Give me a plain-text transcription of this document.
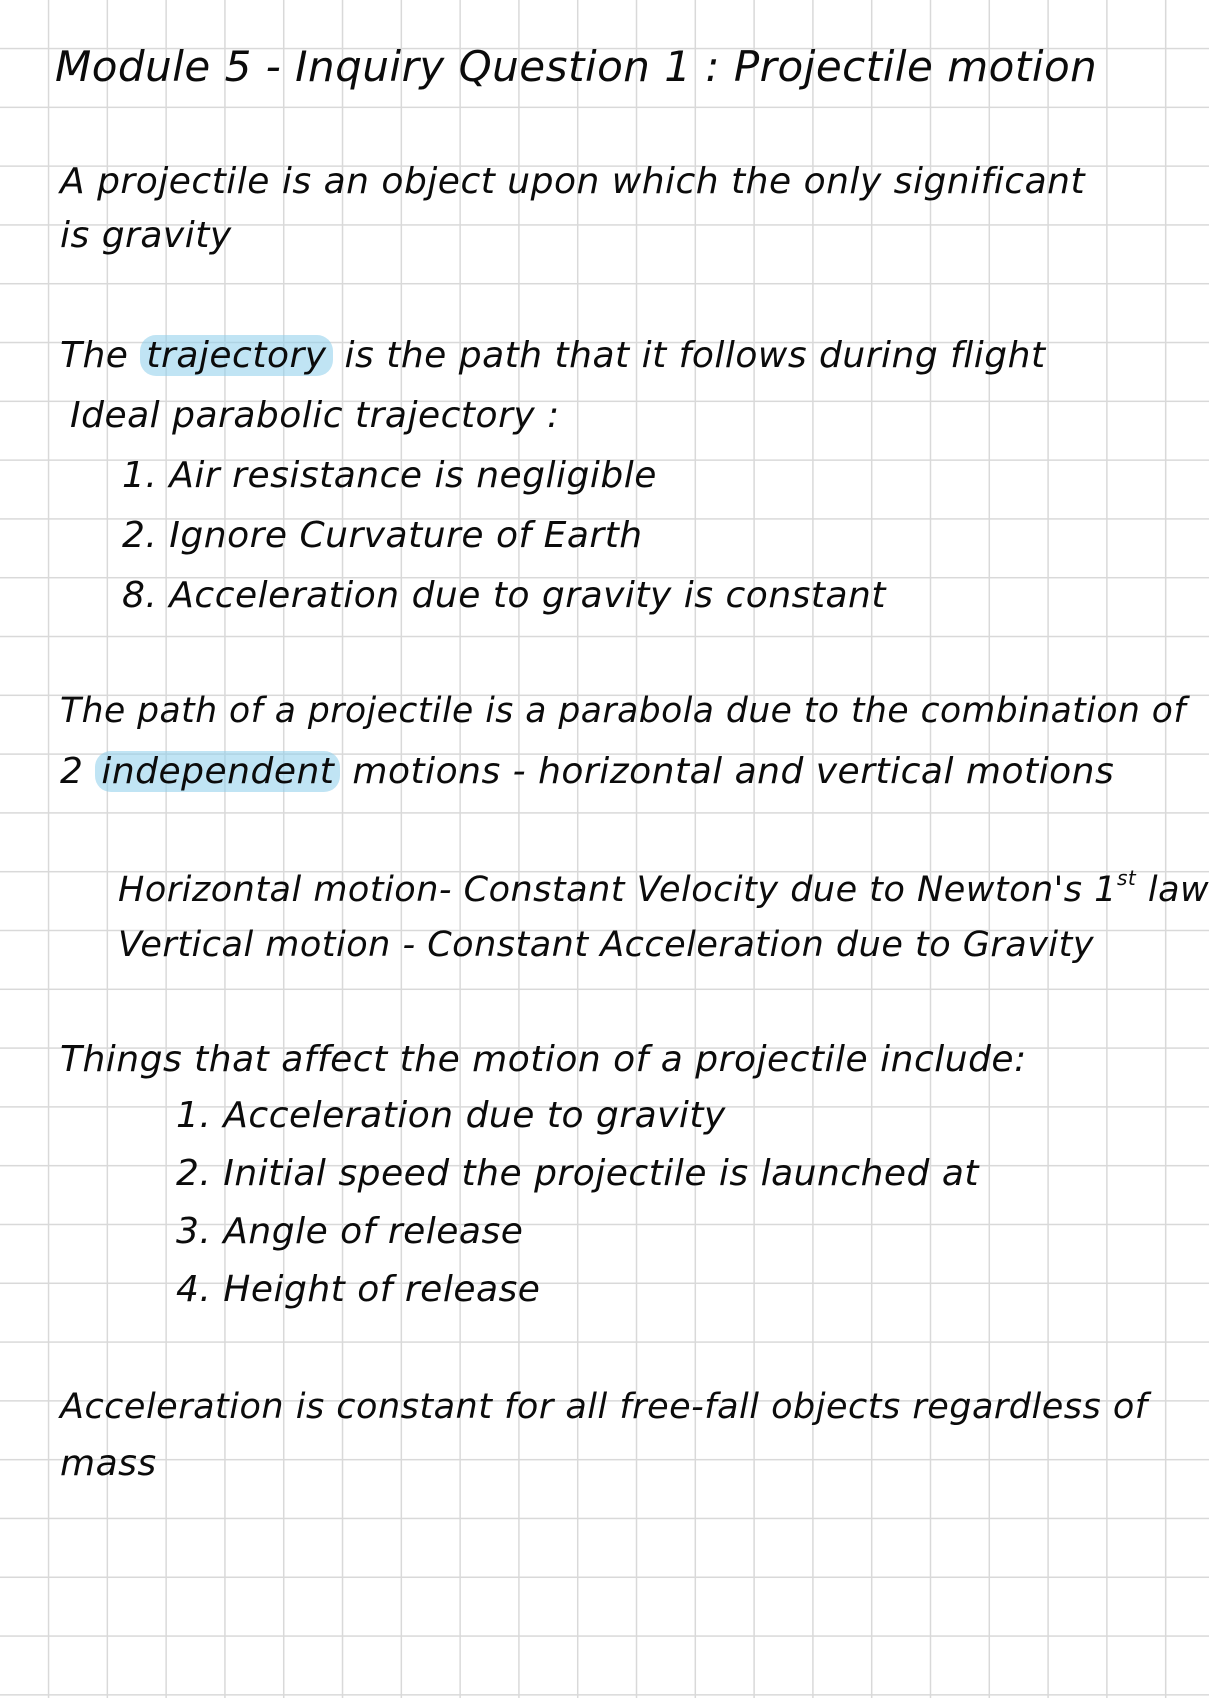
Module 5 - Inquiry Question 1 : Projectile motion
A projectile is an object upon which the only significant
is gravity
The trajectory is the path that it follows during flight
Ideal parabolic trajectory :
1. Air resistance is negligible
2. Ignore Curvature of Earth
8. Acceleration due to gravity is constant
The path of a projectile is a parabola due to the combination of
2 independent motions - horizontal and vertical motions
Horizontal motion- Constant Velocity due to Newton's 1st law
Vertical motion - Constant Acceleration due to Gravity
Things that affect the motion of a projectile include:
1. Acceleration due to gravity
2. Initial speed the projectile is launched at
3. Angle of release
4. Height of release
Acceleration is constant for all free-fall objects regardless of
mass
